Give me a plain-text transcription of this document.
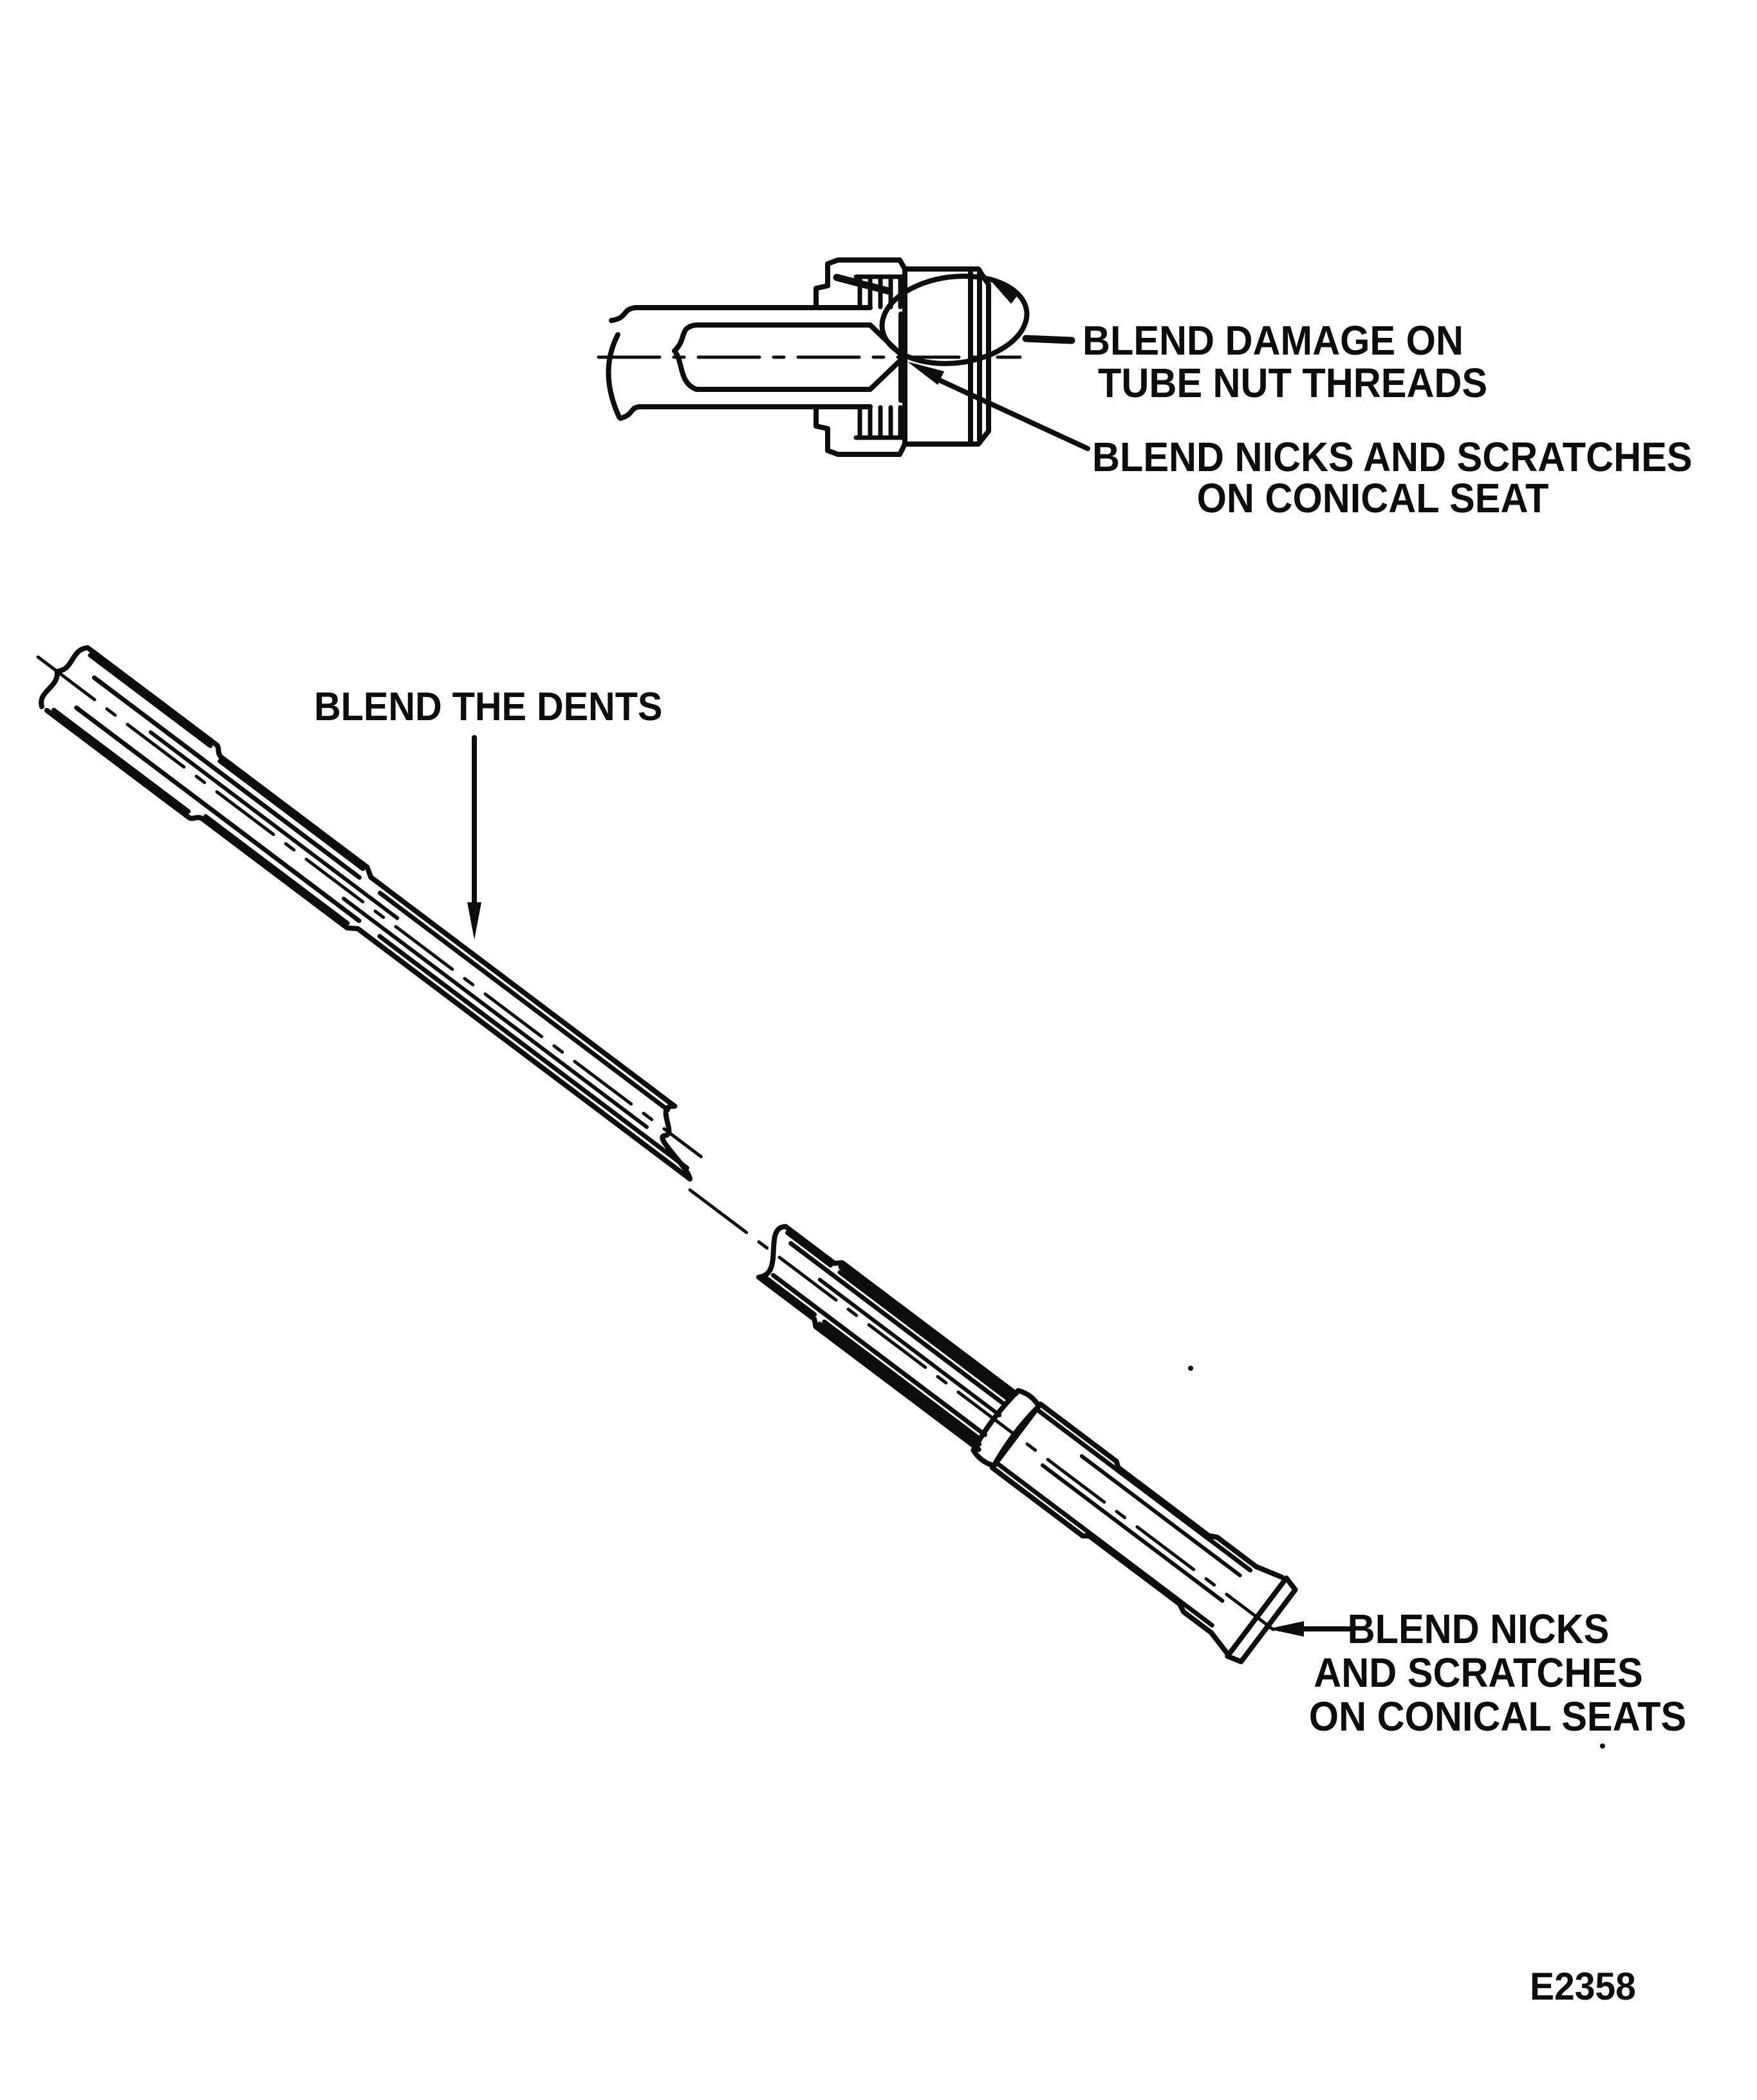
BLEND DAMAGE ON
TUBE NUT THREADS
BLEND NICKS AND SCRATCHES
ON CONICAL SEAT
BLEND THE DENTS
BLEND NICKS
AND SCRATCHES
ON CONICAL SEATS
E2358
